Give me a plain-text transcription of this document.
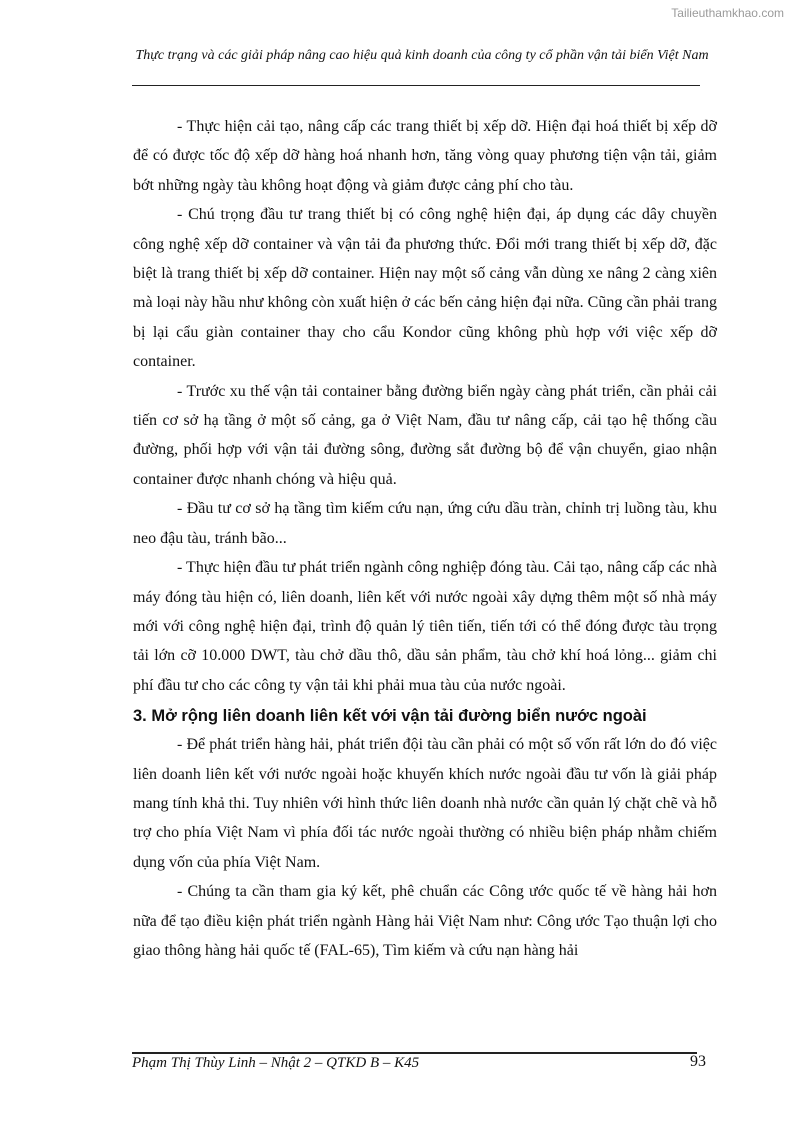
Tailieuthamkhao.com
Thực trạng và các giải pháp nâng cao hiệu quả kinh doanh của công ty cổ phần vận tải biển Việt Nam

- Thực hiện cải tạo, nâng cấp các trang thiết bị xếp dỡ. Hiện đại hoá thiết bị xếp dỡ để có được tốc độ xếp dỡ hàng hoá nhanh hơn, tăng vòng quay phương tiện vận tải, giảm bớt những ngày tàu không hoạt động và giảm được cảng phí cho tàu.

- Chú trọng đầu tư trang thiết bị có công nghệ hiện đại, áp dụng các dây chuyền công nghệ xếp dỡ container và vận tải đa phương thức. Đổi mới trang thiết bị xếp dỡ, đặc biệt là trang thiết bị xếp dỡ container. Hiện nay một số cảng vẫn dùng xe nâng 2 càng xiên mà loại này hầu như không còn xuất hiện ở các bến cảng hiện đại nữa. Cũng cần phải trang bị lại cẩu giàn container thay cho cẩu Kondor cũng không phù hợp với việc xếp dỡ container.

- Trước xu thế vận tải container bằng đường biển ngày càng phát triển, cần phải cải tiến cơ sở hạ tầng ở một số cảng, ga ở Việt Nam, đầu tư nâng cấp, cải tạo hệ thống cầu đường, phối hợp với vận tải đường sông, đường sắt đường bộ để vận chuyển, giao nhận container được nhanh chóng và hiệu quả.

- Đầu tư cơ sở hạ tầng tìm kiếm cứu nạn, ứng cứu dầu tràn, chỉnh trị luồng tàu, khu neo đậu tàu, tránh bão...

- Thực hiện đầu tư phát triển ngành công nghiệp đóng tàu. Cải tạo, nâng cấp các nhà máy đóng tàu hiện có, liên doanh, liên kết với nước ngoài xây dựng thêm một số nhà máy mới với công nghệ hiện đại, trình độ quản lý tiên tiến, tiến tới có thể đóng được tàu trọng tải lớn cỡ 10.000 DWT, tàu chở dầu thô, dầu sản phẩm, tàu chở khí hoá lỏng... giảm chi phí đầu tư cho các công ty vận tải khi phải mua tàu của nước ngoài.

3. Mở rộng liên doanh liên kết với vận tải đường biển nước ngoài

- Để phát triển hàng hải, phát triển đội tàu cần phải có một số vốn rất lớn do đó việc liên doanh liên kết với nước ngoài hoặc khuyến khích nước ngoài đầu tư vốn là giải pháp mang tính khả thi. Tuy nhiên với hình thức liên doanh nhà nước cần quản lý chặt chẽ và hỗ trợ cho phía Việt Nam vì phía đối tác nước ngoài thường có nhiều biện pháp nhằm chiếm dụng vốn của phía Việt Nam.

- Chúng ta cần tham gia ký kết, phê chuẩn các Công ước quốc tế về hàng hải hơn nữa để tạo điều kiện phát triển ngành Hàng hải Việt Nam như: Công ước Tạo thuận lợi cho giao thông hàng hải quốc tế (FAL-65), Tìm kiếm và cứu nạn hàng hải

Phạm Thị Thùy Linh – Nhật 2 – QTKD B – K45	93
